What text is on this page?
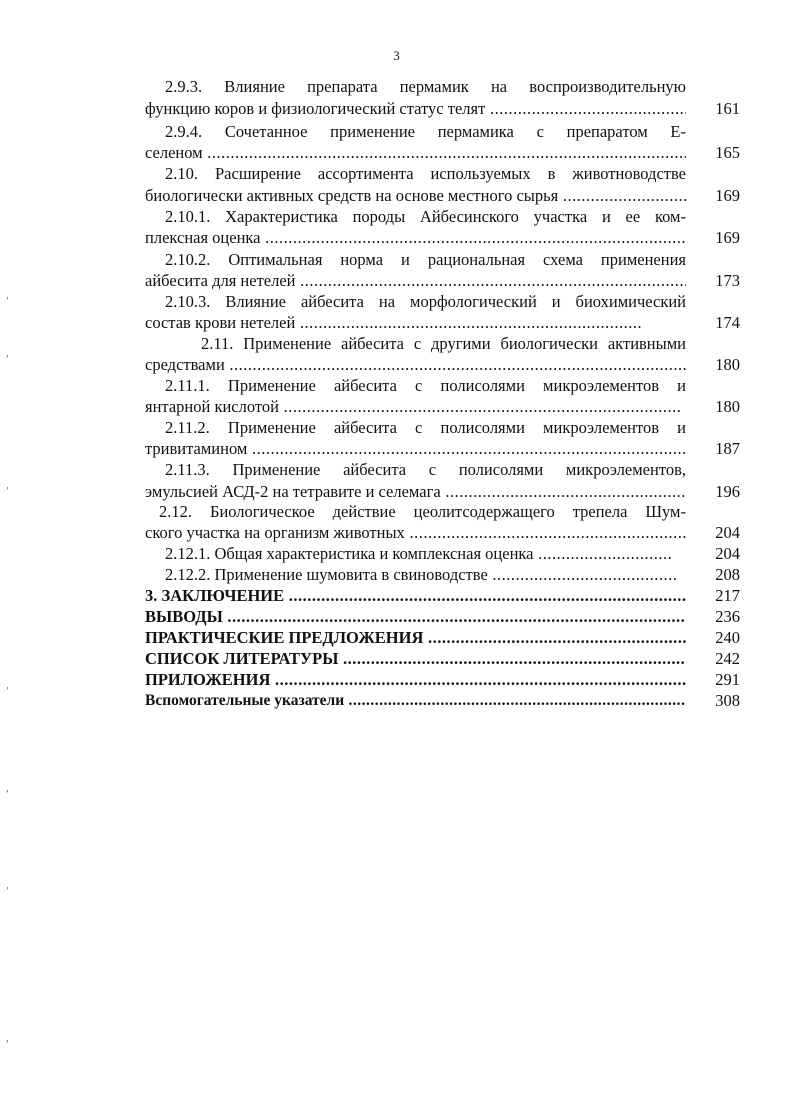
3
2.9.3. Влияние препарата пермамик на воспроизводительную
функцию коров и физиологический статус телят .....	161
2.9.4. Сочетанное применение пермамика с препаратом Е-
селеном .....	165
2.10. Расширение ассортимента используемых в животноводстве
биологически активных средств на основе местного сырья .....	169
2.10.1. Характеристика породы Айбесинского участка и ее ком-
плексная оценка .....	169
2.10.2. Оптимальная норма и рациональная схема применения
айбесита для нетелей .....	173
2.10.3. Влияние айбесита на морфологический и биохимический
состав крови нетелей .....	174
2.11. Применение айбесита с другими биологически активными
средствами .....	180
2.11.1. Применение айбесита с полисолями микроэлементов и
янтарной кислотой .....	180
2.11.2. Применение айбесита с полисолями микроэлементов и
тривитамином .....	187
2.11.3. Применение айбесита с полисолями микроэлементов,
эмульсией АСД-2 на тетравите и селемага .....	196
2.12. Биологическое действие цеолитсодержащего трепела Шум-
ского участка на организм животных .....	204
2.12.1. Общая характеристика и комплексная оценка .....	204
2.12.2. Применение шумовита в свиноводстве .....	208
3. ЗАКЛЮЧЕНИЕ .....	217
ВЫВОДЫ .....	236
ПРАКТИЧЕСКИЕ ПРЕДЛОЖЕНИЯ .....	240
СПИСОК ЛИТЕРАТУРЫ .....	242
ПРИЛОЖЕНИЯ .....	291
Вспомогательные указатели .....	308
ˌ
ʹ
ˌ
ˌ
ʹ
ˌ
ʹ
